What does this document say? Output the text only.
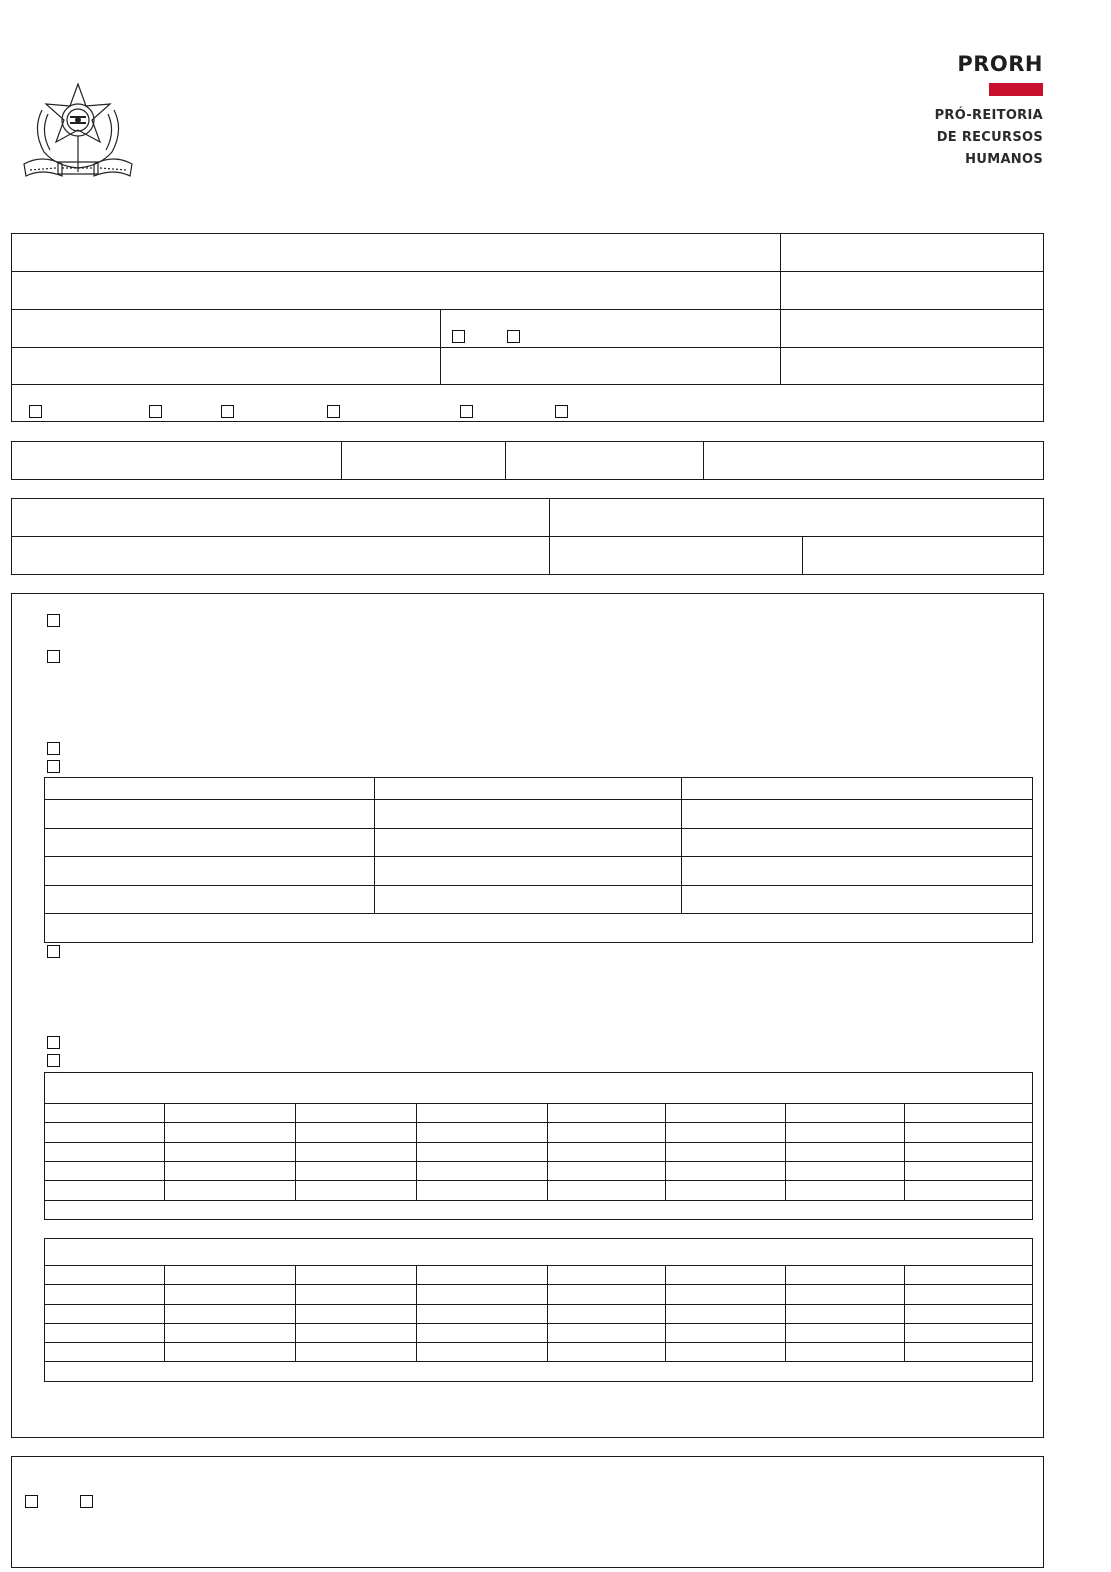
PRORH
PRÓ-REITORIA
DE RECURSOS
HUMANOS
